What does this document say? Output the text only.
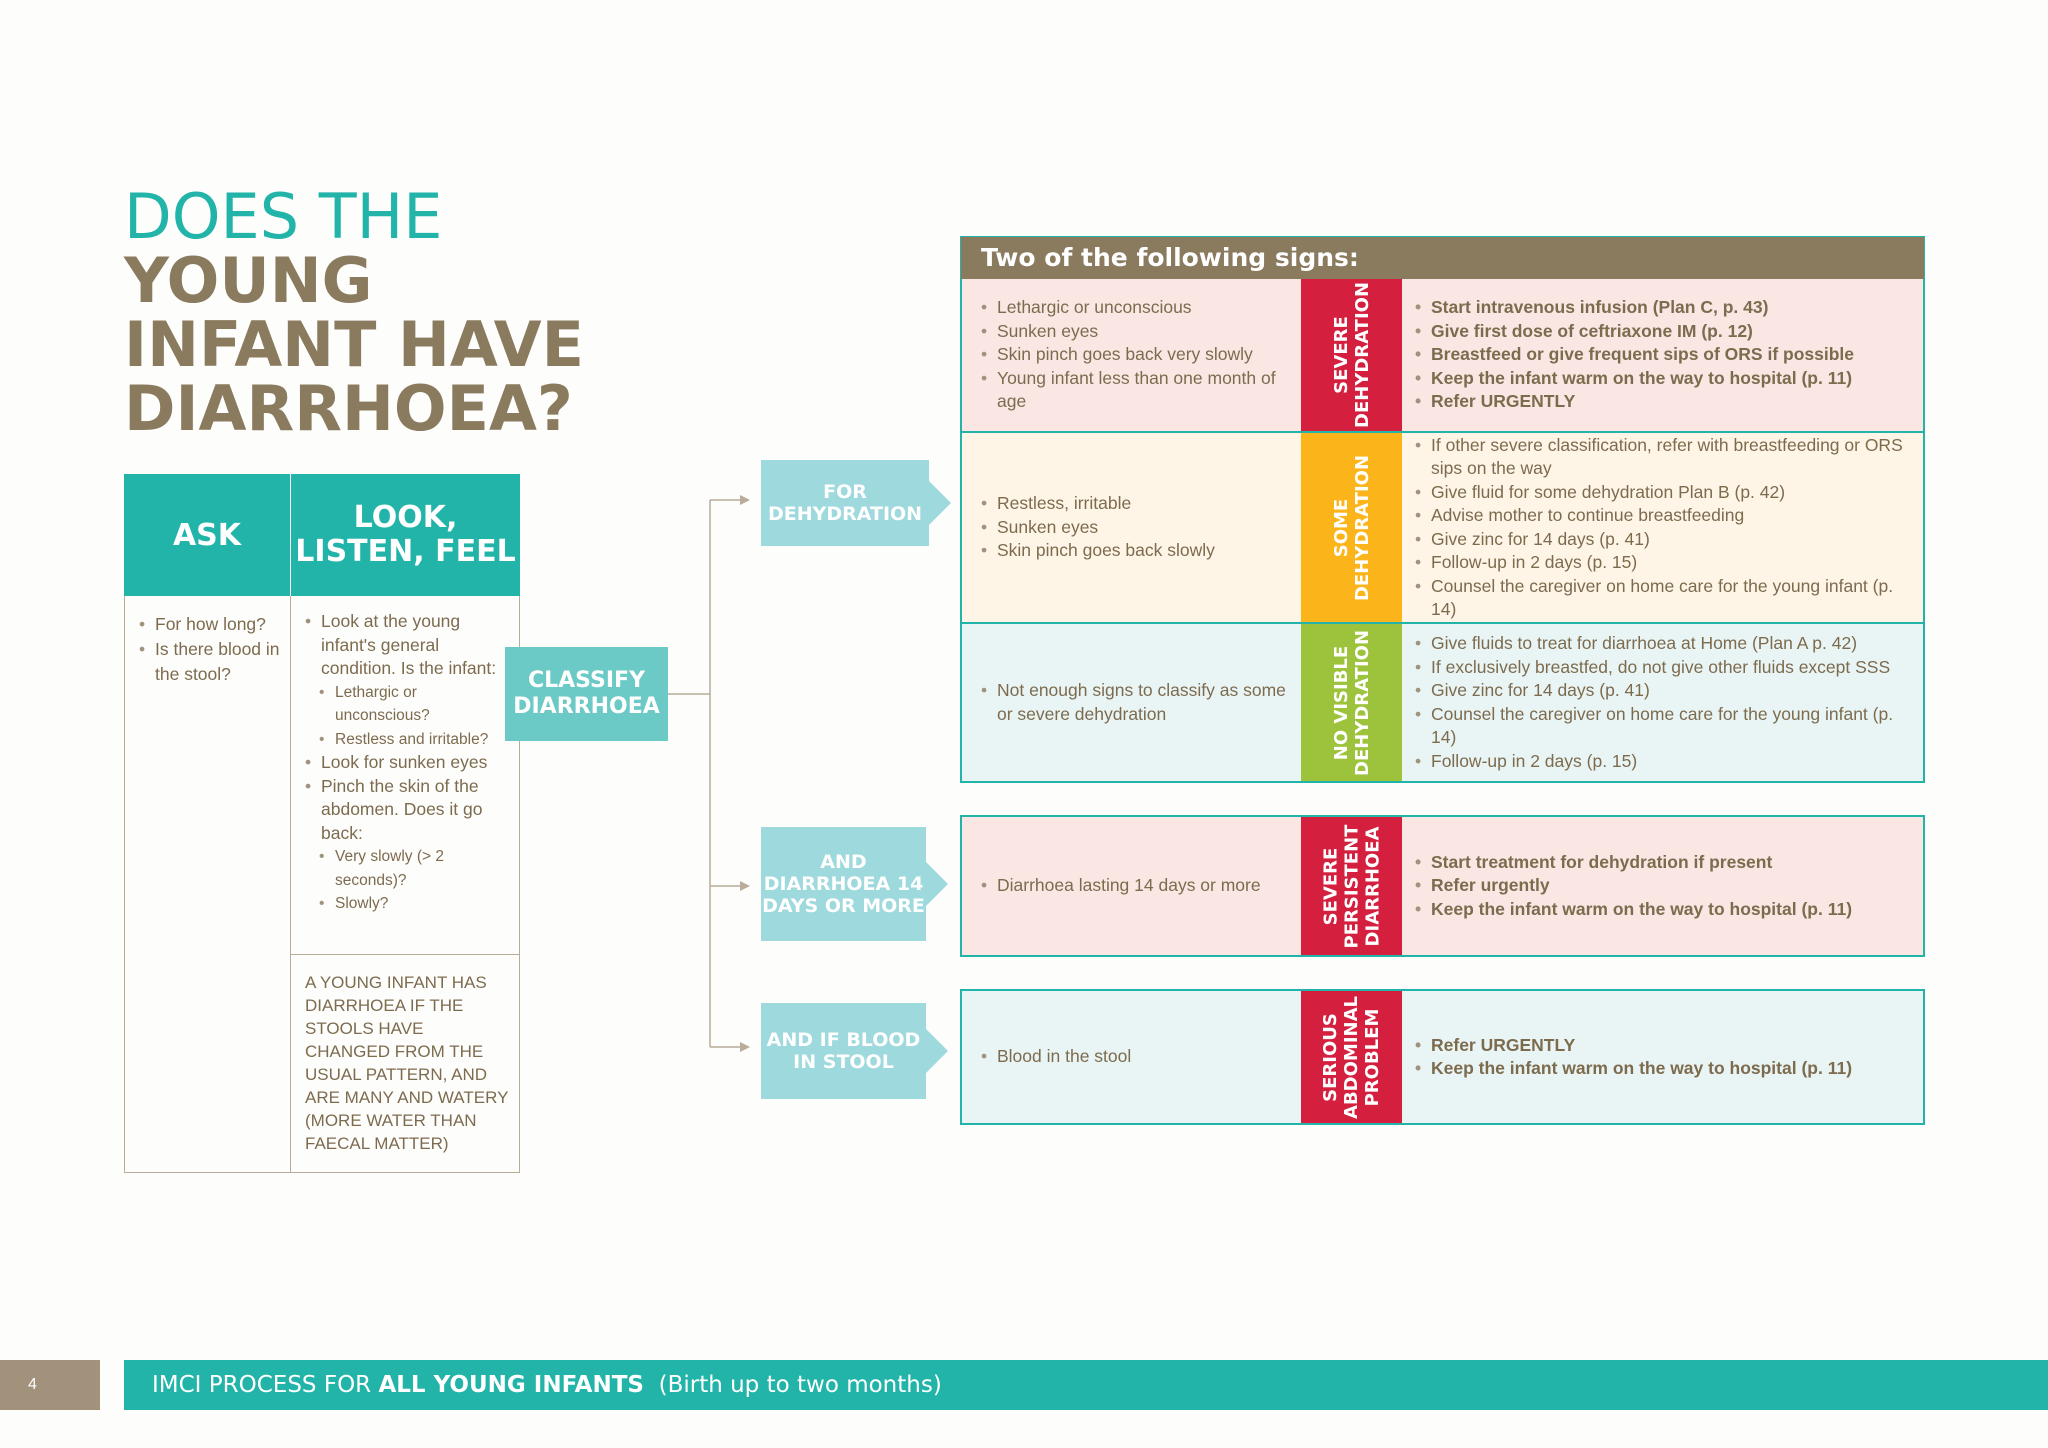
DOES THE
YOUNG
INFANT HAVE
DIARRHOEA?
ASK	LOOK, LISTEN, FEEL
• For how long?
• Is there blood in the stool?
• Look at the young infant's general condition. Is the infant:
• Lethargic or unconscious?
• Restless and irritable?
• Look for sunken eyes
• Pinch the skin of the abdomen. Does it go back:
• Very slowly (> 2 seconds)?
• Slowly?
A YOUNG INFANT HAS DIARRHOEA IF THE STOOLS HAVE CHANGED FROM THE USUAL PATTERN, AND ARE MANY AND WATERY (MORE WATER THAN FAECAL MATTER)
CLASSIFY DIARRHOEA
FOR DEHYDRATION
AND DIARRHOEA 14 DAYS OR MORE
AND IF BLOOD IN STOOL
Two of the following signs:
• Lethargic or unconscious
• Sunken eyes
• Skin pinch goes back very slowly
• Young infant less than one month of age
SEVERE DEHYDRATION	• Start intravenous infusion (Plan C, p. 43)
• Give first dose of ceftriaxone IM (p. 12)
• Breastfeed or give frequent sips of ORS if possible
• Keep the infant warm on the way to hospital (p. 11)
• Refer URGENTLY
• Restless, irritable
• Sunken eyes
• Skin pinch goes back slowly	SOME DEHYDRATION
• If other severe classification, refer with breastfeeding or ORS sips on the way
• Give fluid for some dehydration Plan B (p. 42)
• Advise mother to continue breastfeeding
• Give zinc for 14 days (p. 41)
• Follow-up in 2 days (p. 15)
• Counsel the caregiver on home care for the young infant (p. 14)
• Not enough signs to classify as some or severe dehydration	NO VISIBLE DEHYDRATION	• Give fluids to treat for diarrhoea at Home (Plan A p. 42)
• If exclusively breastfed, do not give other fluids except SSS
• Give zinc for 14 days (p. 41)
• Counsel the caregiver on home care for the young infant (p. 14)
• Follow-up in 2 days (p. 15)
• Diarrhoea lasting 14 days or more	SEVERE PERSISTENT DIARRHOEA	• Start treatment for dehydration if present
• Refer urgently
• Keep the infant warm on the way to hospital (p. 11)
• Blood in the stool	SERIOUS ABDOMINAL PROBLEM	• Refer URGENTLY
• Keep the infant warm on the way to hospital (p. 11)
4	IMCI PROCESS FOR ALL YOUNG INFANTS (Birth up to two months)
